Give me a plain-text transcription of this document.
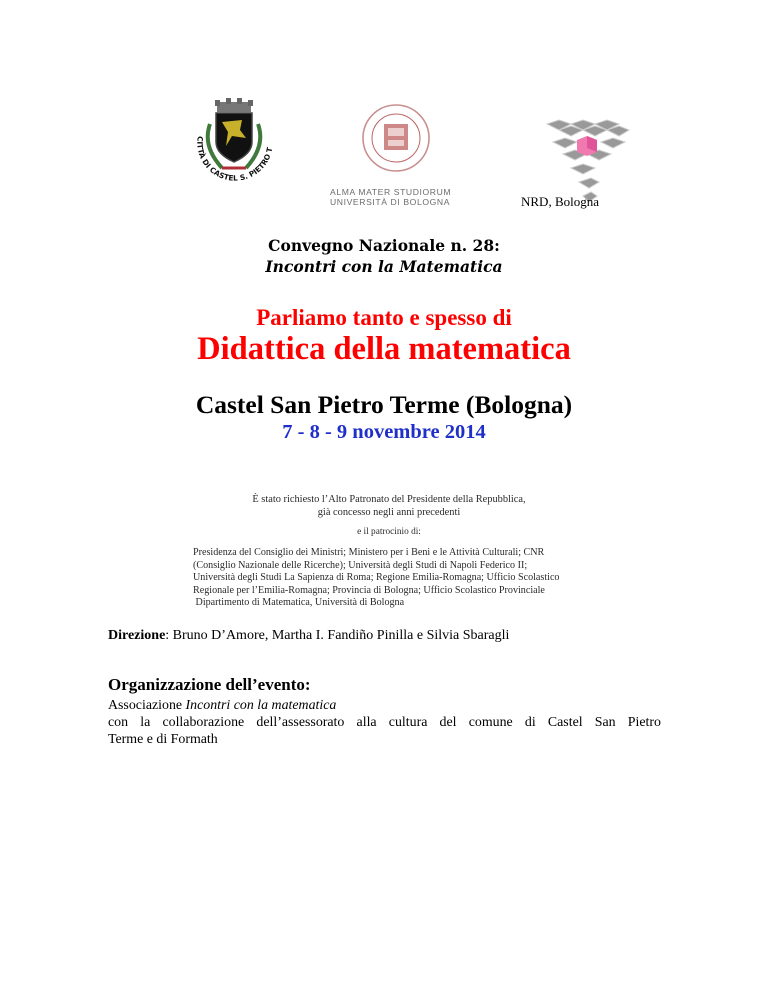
CITTÀ DI CASTEL S. PIETRO T
ALMA MATER STUDIORUM
UNIVERSITÀ DI BOLOGNA	NRD, Bologna
Convegno Nazionale n. 28:
Incontri con la Matematica
Parliamo tanto e spesso di
Didattica della matematica
Castel San Pietro Terme (Bologna)
7 - 8 - 9 novembre 2014
È stato richiesto l’Alto Patronato del Presidente della Repubblica,
già concesso negli anni precedenti
e il patrocinio di:
Presidenza del Consiglio dei Ministri; Ministero per i Beni e le Attività Culturali; CNR
(Consiglio Nazionale delle Ricerche); Università degli Studi di Napoli Federico II;
Università degli Studi La Sapienza di Roma; Regione Emilia-Romagna; Ufficio Scolastico
Regionale per l’Emilia-Romagna; Provincia di Bologna; Ufficio Scolastico Provinciale
Dipartimento di Matematica, Università di Bologna
Direzione: Bruno D’Amore, Martha I. Fandiño Pinilla e Silvia Sbaragli
Organizzazione dell’evento:
Associazione Incontri con la matematica
con la collaborazione dell’assessorato alla cultura del comune di Castel San Pietro
Terme e di Formath
